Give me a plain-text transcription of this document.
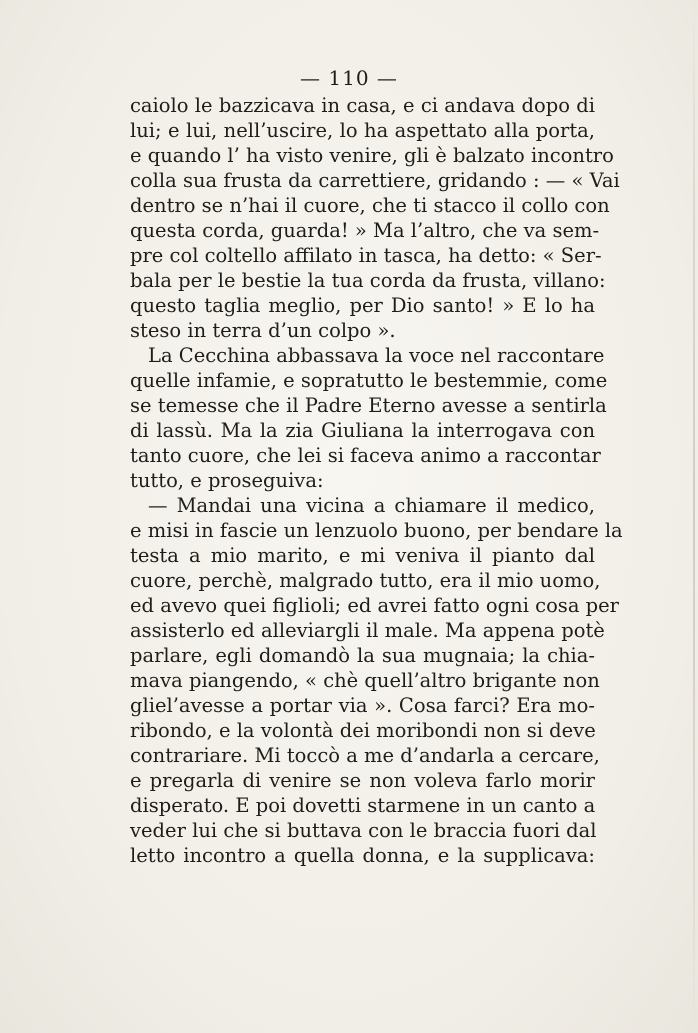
— 110 —
caiolo le bazzicava in casa, e ci andava dopo di
lui; e lui, nell’uscire, lo ha aspettato alla porta,
e quando l’ ha visto venire, gli è balzato incontro
colla sua frusta da carrettiere, gridando : — « Vai
dentro se n’hai il cuore, che ti stacco il collo con
questa corda, guarda! » Ma l’altro, che va sem-
pre col coltello affilato in tasca, ha detto: « Ser-
bala per le bestie la tua corda da frusta, villano:
questo taglia meglio, per Dio santo! » E lo ha
steso in terra d’un colpo ».
La Cecchina abbassava la voce nel raccontare
quelle infamie, e sopratutto le bestemmie, come
se temesse che il Padre Eterno avesse a sentirla
di lassù. Ma la zia Giuliana la interrogava con
tanto cuore, che lei si faceva animo a raccontar
tutto, e proseguiva:
— Mandai una vicina a chiamare il medico,
e misi in fascie un lenzuolo buono, per bendare la
testa a mio marito, e mi veniva il pianto dal
cuore, perchè, malgrado tutto, era il mio uomo,
ed avevo quei figlioli; ed avrei fatto ogni cosa per
assisterlo ed alleviargli il male. Ma appena potè
parlare, egli domandò la sua mugnaia; la chia-
mava piangendo, « chè quell’altro brigante non
gliel’avesse a portar via ». Cosa farci? Era mo-
ribondo, e la volontà dei moribondi non si deve
contrariare. Mi toccò a me d’andarla a cercare,
e pregarla di venire se non voleva farlo morir
disperato. E poi dovetti starmene in un canto a
veder lui che si buttava con le braccia fuori dal
letto incontro a quella donna, e la supplicava:
